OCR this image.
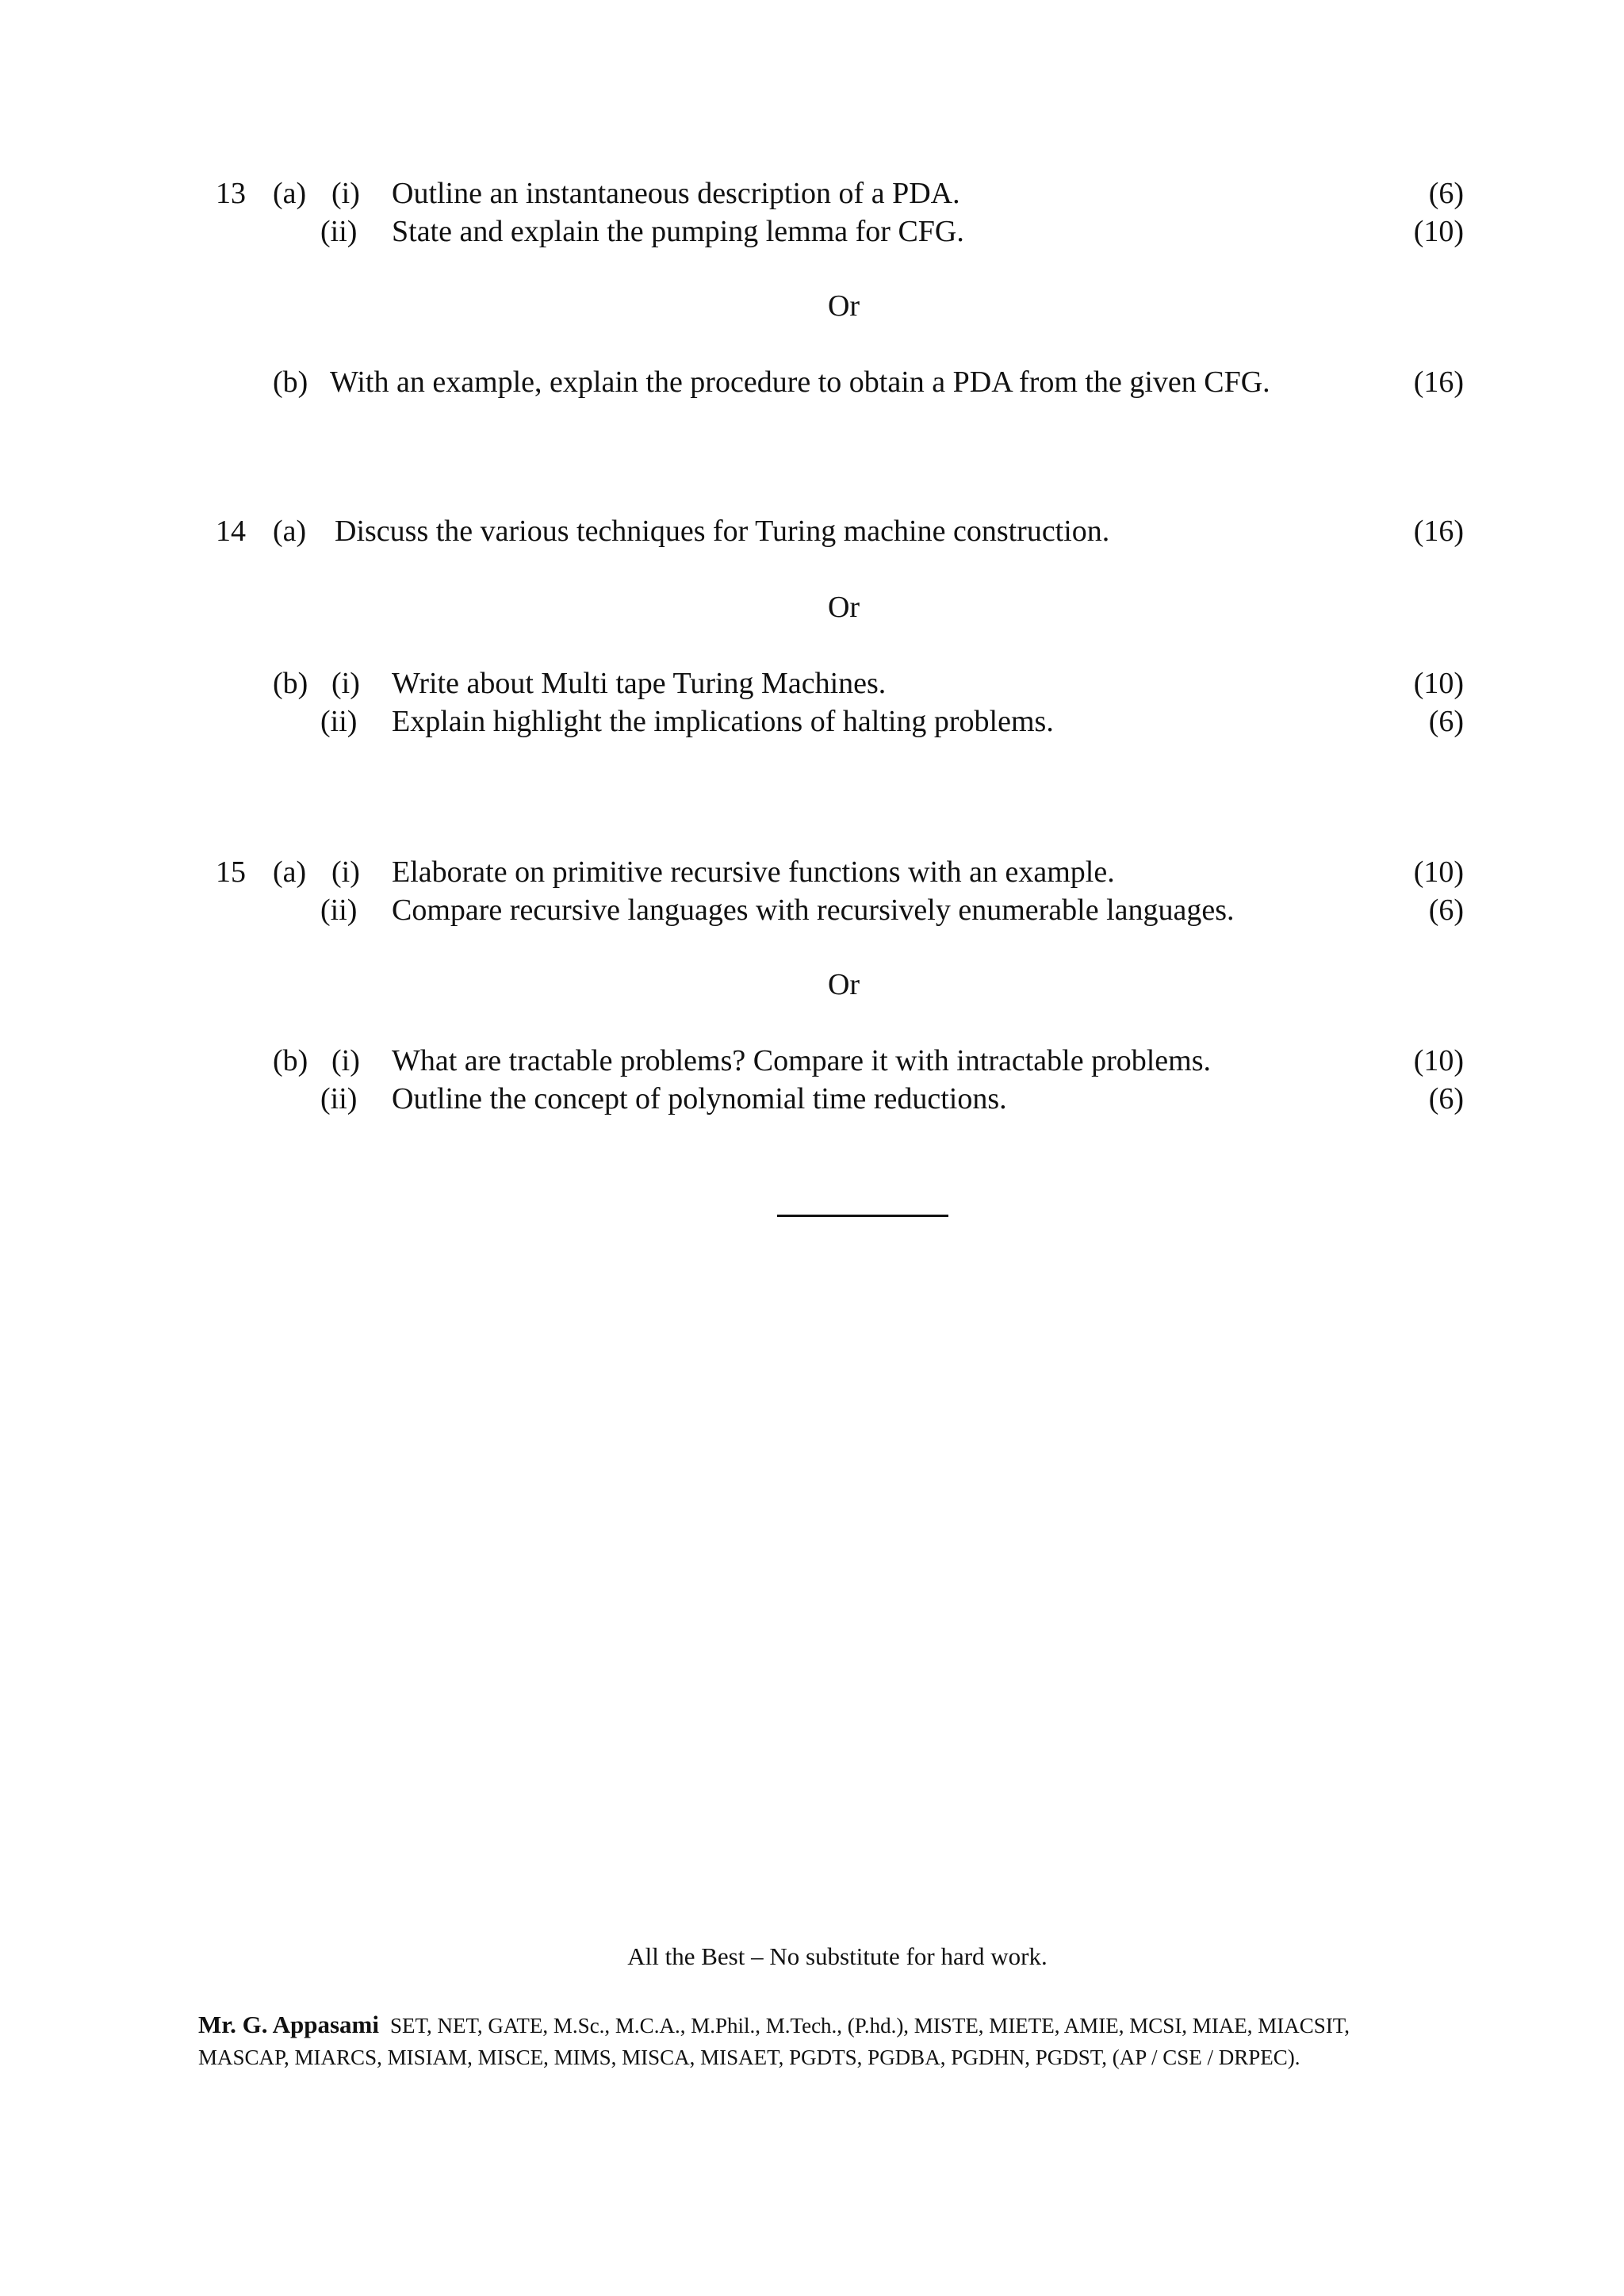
13 (a) (i) Outline an instantaneous description of a PDA.	(6)
(ii) State and explain the pumping lemma for CFG.	(10)
Or
(b) With an example, explain the procedure to obtain a PDA from the given CFG.	(16)
14 (a) Discuss the various techniques for Turing machine construction.	(16)
Or
(b) (i) Write about Multi tape Turing Machines.	(10)
(ii) Explain highlight the implications of halting problems.	(6)
15 (a) (i) Elaborate on primitive recursive functions with an example.	(10)
(ii) Compare recursive languages with recursively enumerable languages.	(6)
Or
(b) (i) What are tractable problems? Compare it with intractable problems.	(10)
(ii) Outline the concept of polynomial time reductions.	(6)
All the Best – No substitute for hard work.
Mr. G. Appasami SET, NET, GATE, M.Sc., M.C.A., M.Phil., M.Tech., (P.hd.), MISTE, MIETE, AMIE, MCSI, MIAE, MIACSIT,
MASCAP, MIARCS, MISIAM, MISCE, MIMS, MISCA, MISAET, PGDTS, PGDBA, PGDHN, PGDST, (AP / CSE / DRPEC).
